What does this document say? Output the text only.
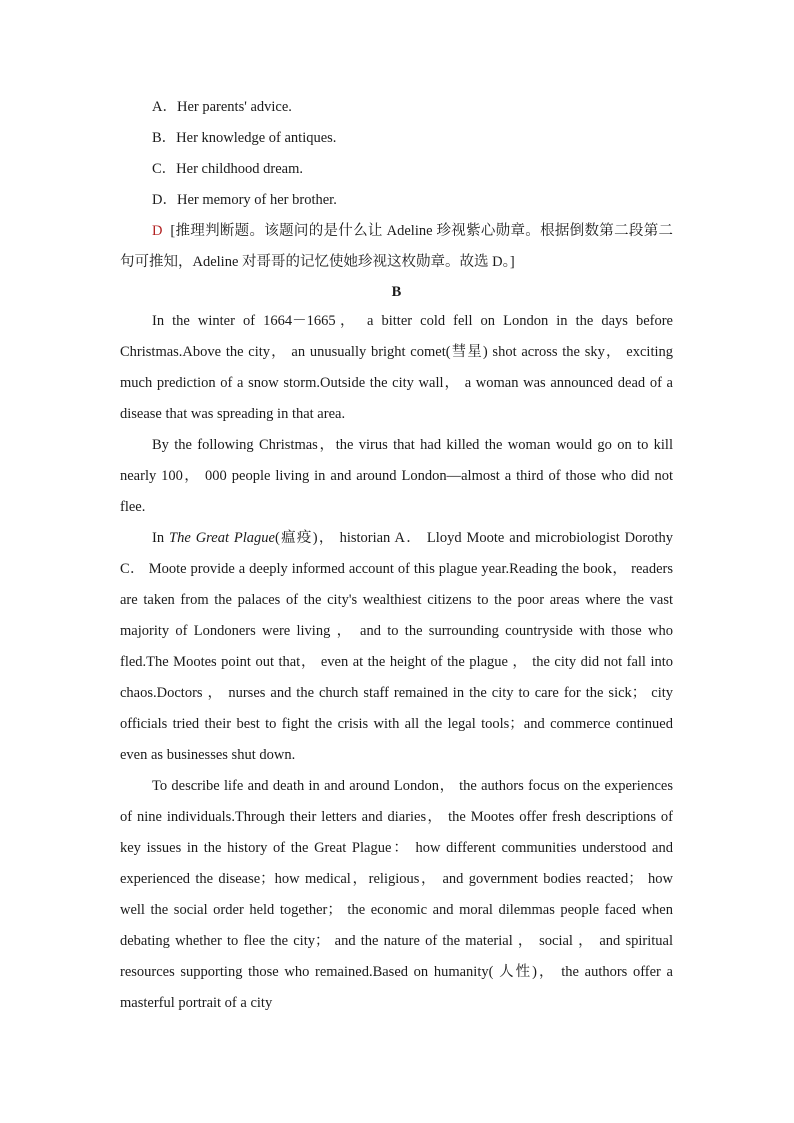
A．Her parents' advice.
B．Her knowledge of antiques.
C．Her childhood dream.
D．Her memory of her brother.

D [推理判断题。该题问的是什么让 Adeline 珍视紫心勋章。根据倒数第二段第二句可推知，Adeline 对哥哥的记忆使她珍视这枚勋章。故选 D。]

B

In the winter of 1664－1665， a bitter cold fell on London in the days before Christmas.Above the city， an unusually bright comet(彗星) shot across the sky， exciting much prediction of a snow storm.Outside the city wall， a woman was announced dead of a disease that was spreading in that area.

By the following Christmas，the virus that had killed the woman would go on to kill nearly 100， 000 people living in and around London—almost a third of those who did not flee.

In The Great Plague(瘟疫)， historian A． Lloyd Moote and microbiologist Dorothy C． Moote provide a deeply informed account of this plague year.Reading the book， readers are taken from the palaces of the city's wealthiest citizens to the poor areas where the vast majority of Londoners were living ， and to the surrounding countryside with those who fled.The Mootes point out that， even at the height of the plague ， the city did not fall into chaos.Doctors ， nurses and the church staff remained in the city to care for the sick； city officials tried their best to fight the crisis with all the legal tools；and commerce continued even as businesses shut down.

To describe life and death in and around London， the authors focus on the experiences of nine individuals.Through their letters and diaries， the Mootes offer fresh descriptions of key issues in the history of the Great Plague： how different communities understood and experienced the disease；how medical，religious， and government bodies reacted； how well the social order held together； the economic and moral dilemmas people faced when debating whether to flee the city； and the nature of the material ， social ， and spiritual resources supporting those who remained.Based on humanity( 人性)， the authors offer a masterful portrait of a city
